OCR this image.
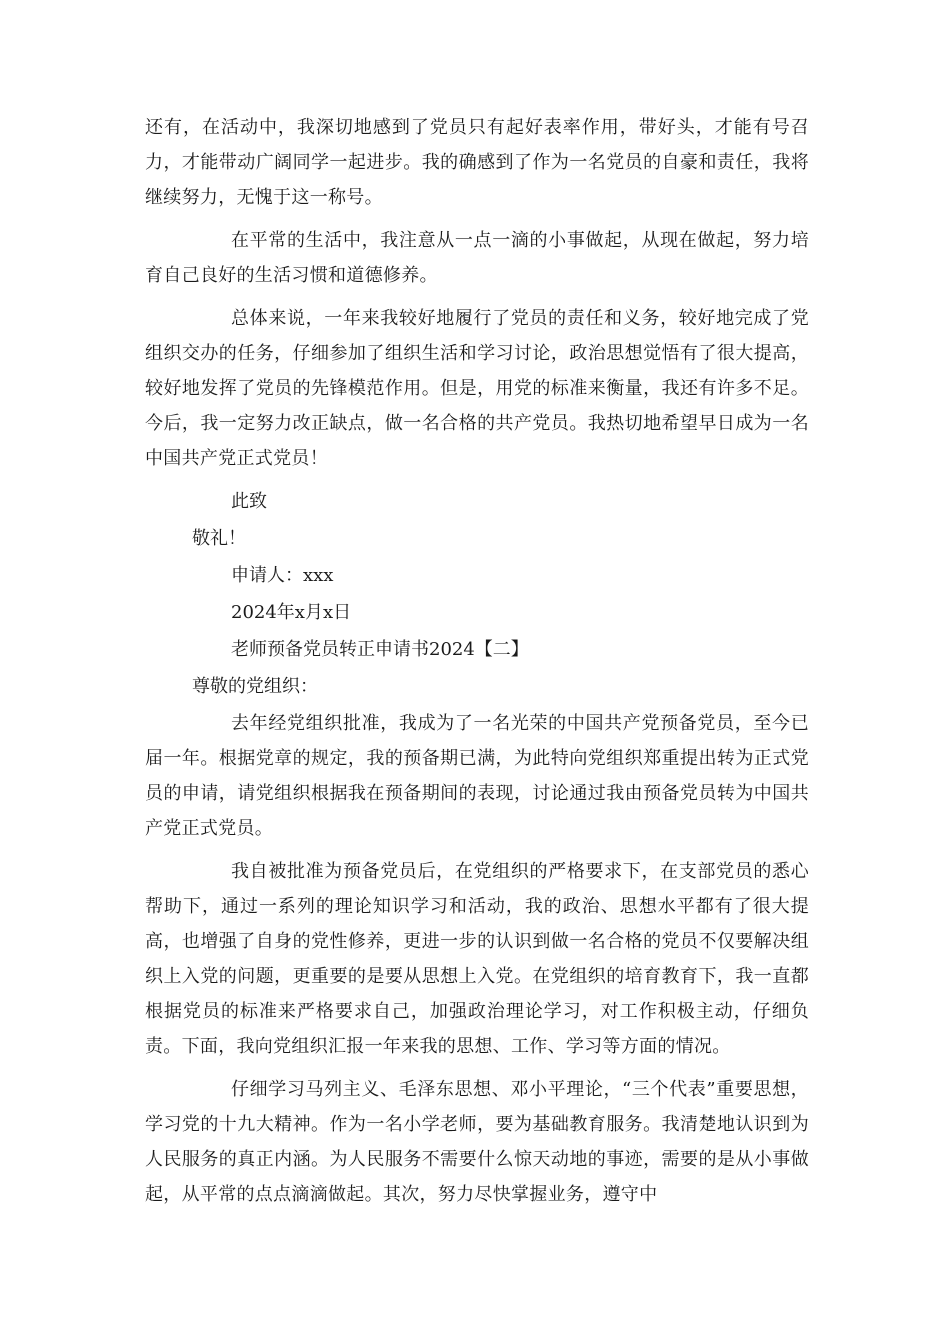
还有，在活动中，我深切地感到了党员只有起好表率作用，带好头，才能有号召力，才能带动广阔同学一起进步。我的确感到了作为一名党员的自豪和责任，我将继续努力，无愧于这一称号。

在平常的生活中，我注意从一点一滴的小事做起，从现在做起，努力培育自己良好的生活习惯和道德修养。

总体来说，一年来我较好地履行了党员的责任和义务，较好地完成了党组织交办的任务，仔细参加了组织生活和学习讨论，政治思想觉悟有了很大提高，较好地发挥了党员的先锋模范作用。但是，用党的标准来衡量，我还有许多不足。今后，我一定努力改正缺点，做一名合格的共产党员。我热切地希望早日成为一名中国共产党正式党员！

此致

敬礼！

申请人：xxx

2024年x月x日

老师预备党员转正申请书2024【二】

尊敬的党组织：

去年经党组织批准，我成为了一名光荣的中国共产党预备党员，至今已届一年。根据党章的规定，我的预备期已满，为此特向党组织郑重提出转为正式党员的申请，请党组织根据我在预备期间的表现，讨论通过我由预备党员转为中国共产党正式党员。

我自被批准为预备党员后，在党组织的严格要求下，在支部党员的悉心帮助下，通过一系列的理论知识学习和活动，我的政治、思想水平都有了很大提高，也增强了自身的党性修养，更进一步的认识到做一名合格的党员不仅要解决组织上入党的问题，更重要的是要从思想上入党。在党组织的培育教育下，我一直都根据党员的标准来严格要求自己，加强政治理论学习，对工作积极主动，仔细负责。下面，我向党组织汇报一年来我的思想、工作、学习等方面的情况。

仔细学习马列主义、毛泽东思想、邓小平理论，“三个代表”重要思想，学习党的十九大精神。作为一名小学老师，要为基础教育服务。我清楚地认识到为人民服务的真正内涵。为人民服务不需要什么惊天动地的事迹，需要的是从小事做起，从平常的点点滴滴做起。其次，努力尽快掌握业务，遵守中
